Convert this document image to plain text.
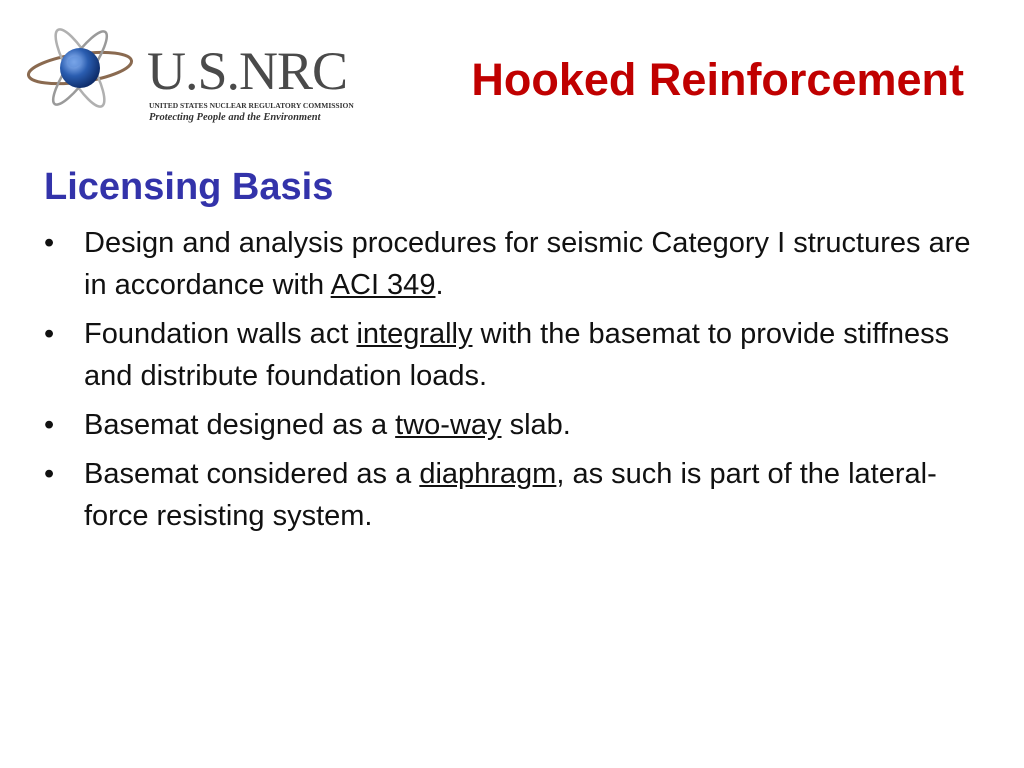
U.S.NRC
UNITED STATES NUCLEAR REGULATORY COMMISSION
Protecting People and the Environment
Hooked Reinforcement
Licensing Basis
•	Design and analysis procedures for seismic Category I structures are in accordance with ACI 349.
•	Foundation walls act integrally with the basemat to provide stiffness and distribute foundation loads.
•	Basemat designed as a two-way slab.
•	Basemat considered as a diaphragm, as such is part of the lateral-force resisting system.
